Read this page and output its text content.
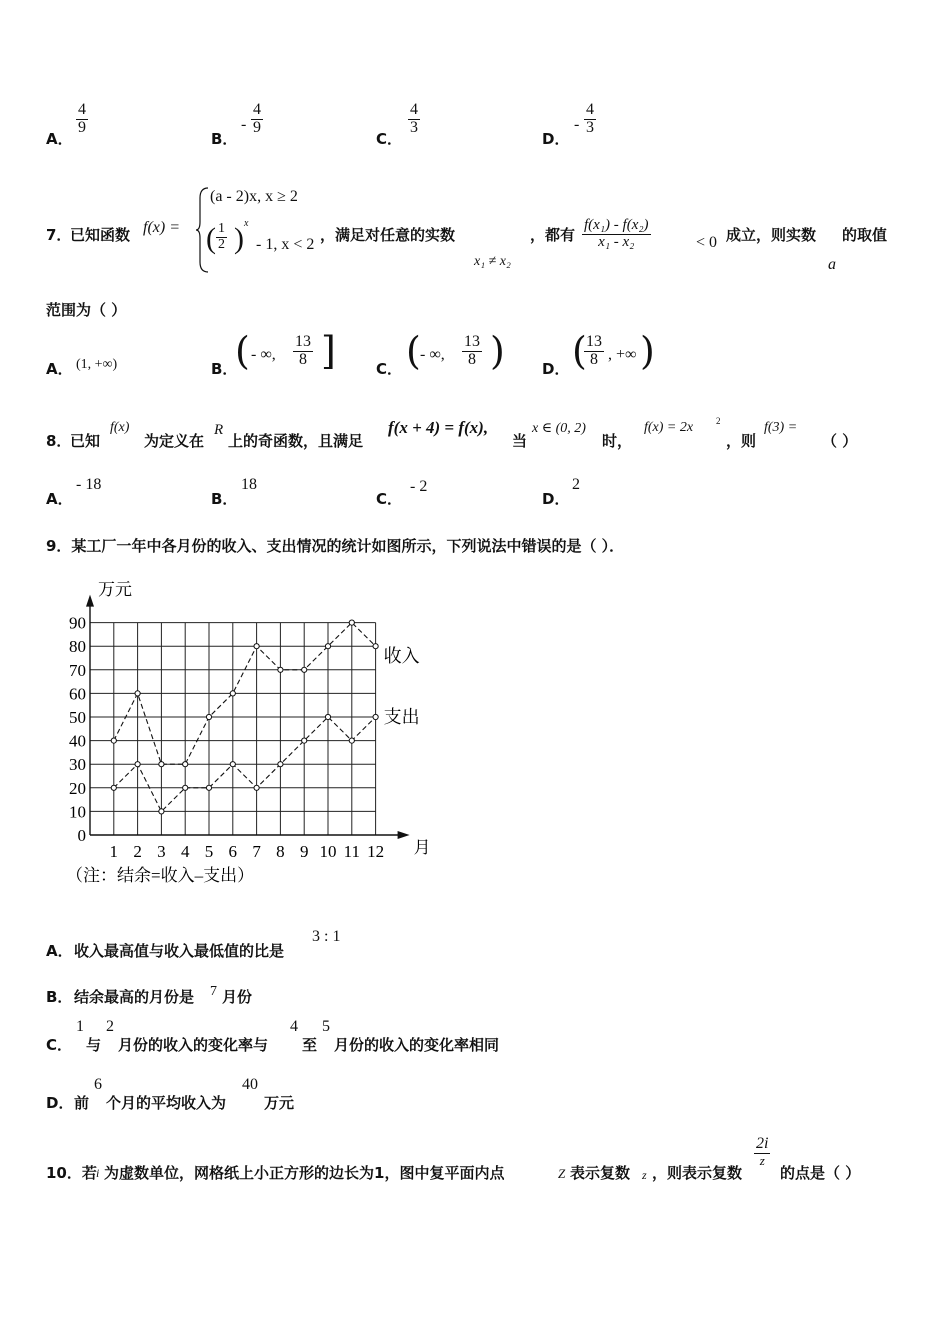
A．
$\frac{4}{9}$
B．
- $\frac{4}{9}$
C．
$\frac{4}{3}$
D．
- $\frac{4}{3}$
7．
已知函数 f(x) =
(a - 2)x, x ≥ 2
( $\frac{1}{2}$ ) x
- 1, x < 2
，满足对任意的实数
x₁ ≠ x₂
，都有 $\frac{\text{f(x₁) - f(x₂)}}{\text{x₁ - x₂}}$	< 0 成立，则实数
a
的取值
范围为（ ）
A． (1, +∞)	B．
( - ∞, $\frac{13}{8}$ ]	C． ( - ∞, $\frac{13}{8}$ ) D． (
$\frac{13}{8}$ , +∞ )
8．
已知
f(x)
为定义在
R
上的奇函数，且满足
f(x + 4) = f(x),
当
x ∈ (0, 2)
时，
f(x) = 2x	2
，则
f(3) =
（ ）
A．
- 18
B．
18
C．
- 2
D．
2
9．某工厂一年中各月份的收入、支出情况的统计如图所示，下列说法中错误的是（ ）．
0
10
20
30
40
50
60
70
80
90
1 2 3 4 5 6 7 8 9 10 11 12
万元
月
（注：结余=收入–支出）
收入
支出
A． 收入最高值与收入最低值的比是
3 : 1
B． 结余最高的月份是 7 月份
C．
1
与
2
月份的收入的变化率与
4
至
5
月份的收入的变化率相同
D． 前
6
个月的平均收入为
40
万元
10．若 i 为虚数单位，网格纸上小正方形的边长为1，图中复平面内点	Z 表示复数 z ，则表示复数
2i
z
的点是（ ）
